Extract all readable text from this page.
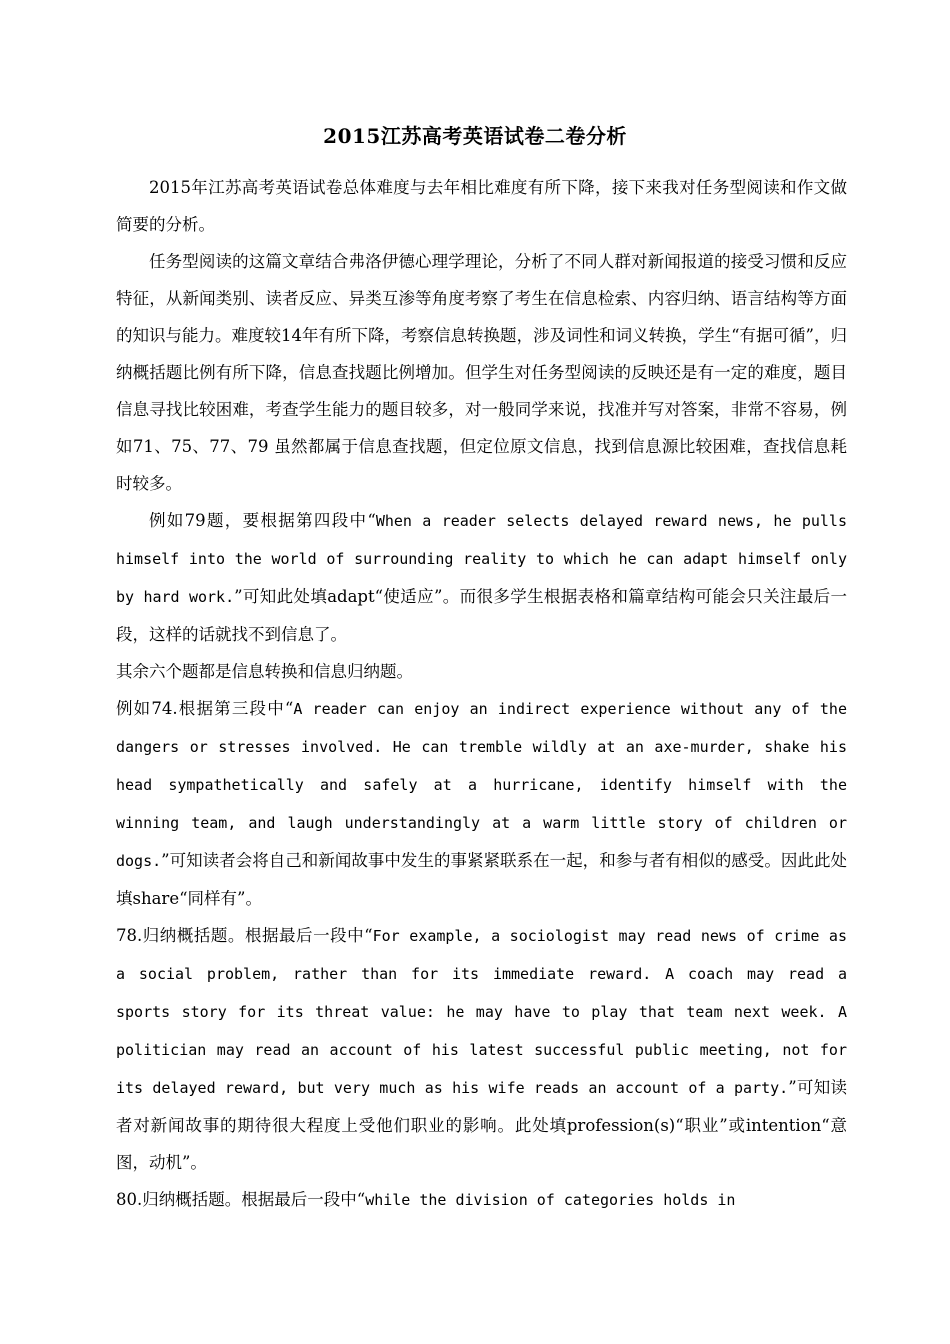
2015江苏高考英语试卷二卷分析

2015年江苏高考英语试卷总体难度与去年相比难度有所下降，接下来我对任务型阅读和作文做简要的分析。

任务型阅读的这篇文章结合弗洛伊德心理学理论，分析了不同人群对新闻报道的接受习惯和反应特征，从新闻类别、读者反应、异类互渗等角度考察了考生在信息检索、内容归纳、语言结构等方面的知识与能力。难度较14年有所下降，考察信息转换题，涉及词性和词义转换，学生“有据可循”，归纳概括题比例有所下降，信息查找题比例增加。但学生对任务型阅读的反映还是有一定的难度，题目信息寻找比较困难，考查学生能力的题目较多，对一般同学来说，找准并写对答案，非常不容易，例如71、75、77、79 虽然都属于信息查找题，但定位原文信息，找到信息源比较困难，查找信息耗时较多。

例如79题，要根据第四段中“When a reader selects delayed reward news, he pulls himself into the world of surrounding reality to which he can adapt himself only by hard work.”可知此处填adapt“使适应”。而很多学生根据表格和篇章结构可能会只关注最后一段，这样的话就找不到信息了。

其余六个题都是信息转换和信息归纳题。

例如74.根据第三段中“A reader can enjoy an indirect experience without any of the dangers or stresses involved. He can tremble wildly at an axe-murder, shake his head sympathetically and safely at a hurricane, identify himself with the winning team, and laugh understandingly at a warm little story of children or dogs.”可知读者会将自己和新闻故事中发生的事紧紧联系在一起，和参与者有相似的感受。因此此处填share“同样有”。

78.归纳概括题。根据最后一段中“For example, a sociologist may read news of crime as a social problem, rather than for its immediate reward. A coach may read a sports story for its threat value: he may have to play that team next week. A politician may read an account of his latest successful public meeting, not for its delayed reward, but very much as his wife reads an account of a party.”可知读者对新闻故事的期待很大程度上受他们职业的影响。此处填profession(s)“职业”或intention“意图，动机”。

80.归纳概括题。根据最后一段中“while the division of categories holds in
